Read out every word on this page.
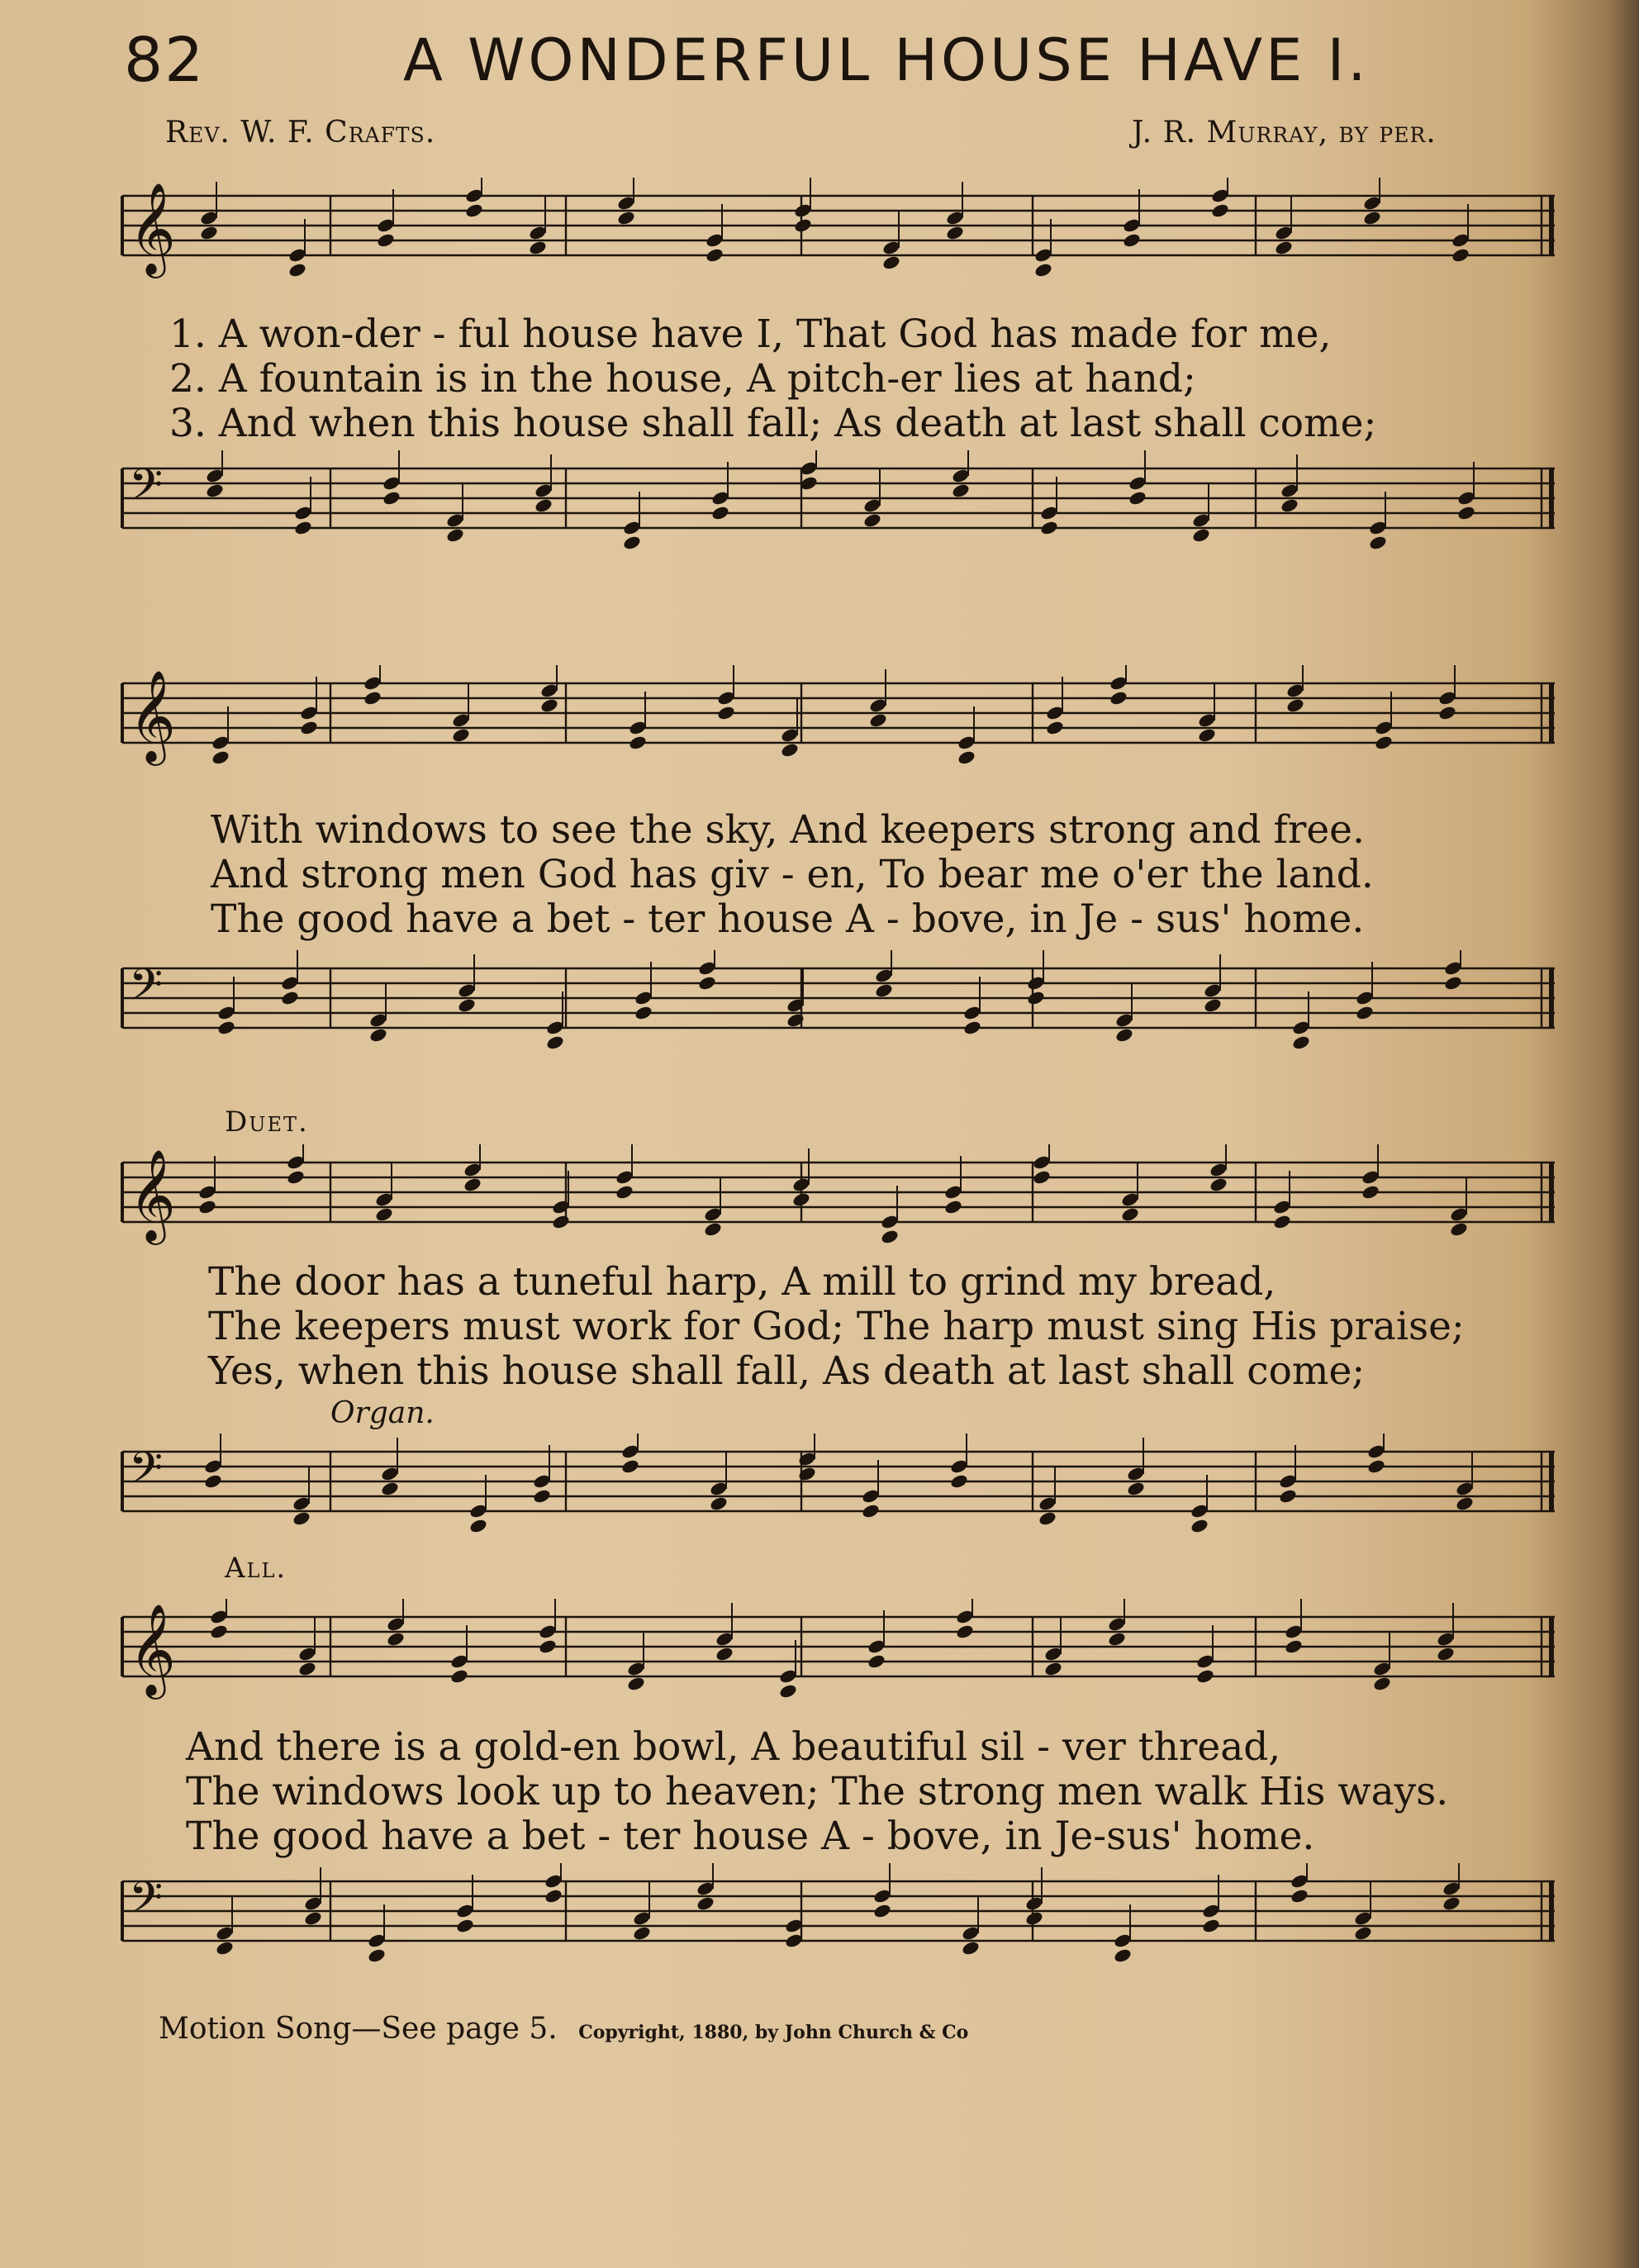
82	A WONDERFUL HOUSE HAVE I.
Rev. W. F. Crafts.	J. R. Murray, by per.
𝄞
1. A won-der - ful house have I, That God has made for me,
2. A fountain is in the house, A pitch-er lies at hand;
3. And when this house shall fall; As death at last shall come;
𝄢
𝄞
With windows to see the sky, And keepers strong and free.
And strong men God has giv - en, To bear me o'er the land.
The good have a bet - ter house A - bove, in Je - sus' home.
𝄢
Duet.
𝄞
The door has a tuneful harp, A mill to grind my bread,
The keepers must work for God; The harp must sing His praise;
Yes, when this house shall fall, As death at last shall come;
Organ.
𝄢
All.
𝄞
And there is a gold-en bowl, A beautiful sil - ver thread,
The windows look up to heaven; The strong men walk His ways.
The good have a bet - ter house A - bove, in Je-sus' home.
𝄢
Motion Song—See page 5. Copyright, 1880, by John Church & Co
